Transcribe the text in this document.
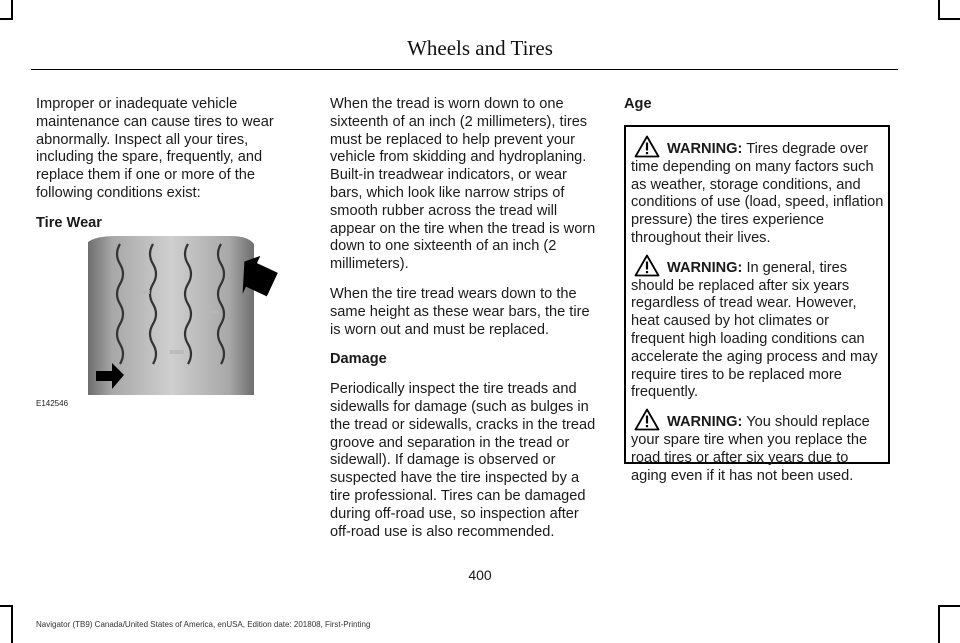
Wheels and Tires

Improper or inadequate vehicle maintenance can cause tires to wear abnormally. Inspect all your tires, including the spare, frequently, and replace them if one or more of the following conditions exist:

Tire Wear
E142546

When the tread is worn down to one sixteenth of an inch (2 millimeters), tires must be replaced to help prevent your vehicle from skidding and hydroplaning. Built-in treadwear indicators, or wear bars, which look like narrow strips of smooth rubber across the tread will appear on the tire when the tread is worn down to one sixteenth of an inch (2 millimeters).

When the tire tread wears down to the same height as these wear bars, the tire is worn out and must be replaced.

Damage

Periodically inspect the tire treads and sidewalls for damage (such as bulges in the tread or sidewalls, cracks in the tread groove and separation in the tread or sidewall). If damage is observed or suspected have the tire inspected by a tire professional. Tires can be damaged during off-road use, so inspection after off-road use is also recommended.

Age

WARNING: Tires degrade over time depending on many factors such as weather, storage conditions, and conditions of use (load, speed, inflation pressure) the tires experience throughout their lives.

WARNING: In general, tires should be replaced after six years regardless of tread wear. However, heat caused by hot climates or frequent high loading conditions can accelerate the aging process and may require tires to be replaced more frequently.

WARNING: You should replace your spare tire when you replace the road tires or after six years due to aging even if it has not been used.

400
Navigator (TB9) Canada/United States of America, enUSA, Edition date: 201808, First-Printing
